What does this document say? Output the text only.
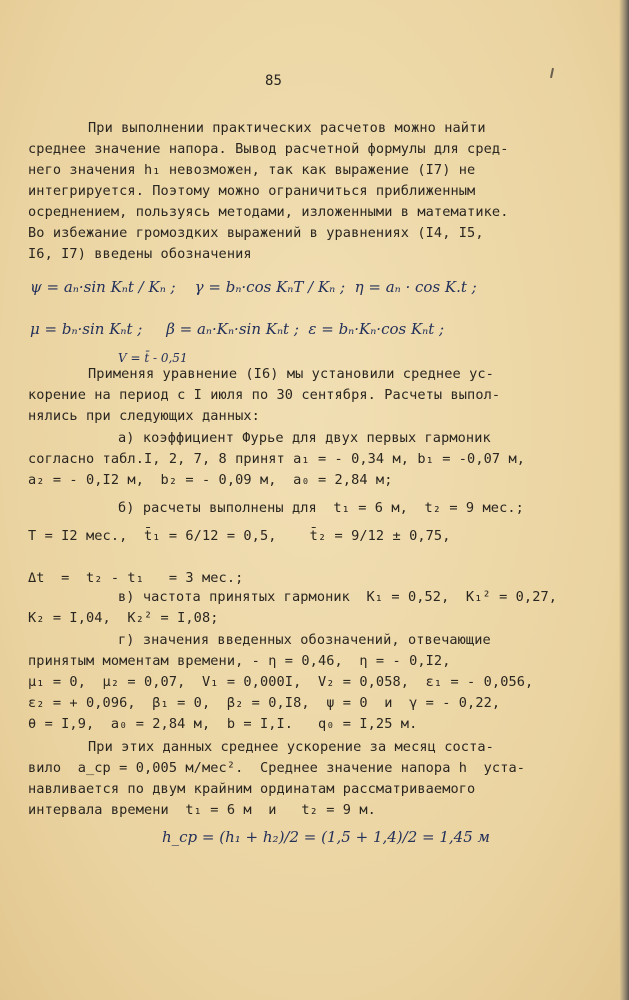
85
При выполнении практических расчетов можно найти
среднее значение напора. Вывод расчетной формулы для сред-
него значения h₁ невозможен, так как выражение (I7) не
интегрируется. Поэтому можно ограничиться приближенным
осреднением, пользуясь методами, изложенными в математике.
Во избежание громоздких выражений в уравнениях (I4, I5,
I6, I7) введены обозначения
ψ = aₙ·sin Kₙt / Kₙ ;    γ = bₙ·cos KₙT / Kₙ ;  η = aₙ · cos K.t ;
μ = bₙ·sin Kₙt ;     β = aₙ·Kₙ·sin Kₙt ;  ε = bₙ·Kₙ·cos Kₙt ;
V = t̄ - 0,51
Применяя уравнение (I6) мы установили среднее ус-
корение на период с I июля по 30 сентября. Расчеты выпол-
нялись при следующих данных:
а) коэффициент Фурье для двух первых гармоник
согласно табл.I, 2, 7, 8 принят a₁ = - 0,34 м, b₁ = -0,07 м,
a₂ = - 0,I2 м,  b₂ = - 0,09 м,  a₀ = 2,84 м;
б) расчеты выполнены для  t₁ = 6 м,  t₂ = 9 мес.;
T = I2 мес.,  t̄₁ = 6/12 = 0,5,    t̄₂ = 9/12 ± 0,75,
Δt  =  t₂ - t₁   = 3 мес.;
в) частота принятых гармоник  K₁ = 0,52,  K₁² = 0,27,
K₂ = I,04,  K₂² = I,08;
г) значения введенных обозначений, отвечающие
принятым моментам времени, - η = 0,46,  η = - 0,I2,
μ₁ = 0,  μ₂ = 0,07,  V₁ = 0,000I,  V₂ = 0,058,  ε₁ = - 0,056,
ε₂ = + 0,096,  β₁ = 0,  β₂ = 0,I8,  ψ = 0  и  γ = - 0,22,
θ = I,9,  a₀ = 2,84 м,  b = I,I.   q₀ = I,25 м.
При этих данных среднее ускорение за месяц соста-
вило  a_ср = 0,005 м/мес².  Среднее значение напора h  уста-
навливается по двум крайним ординатам рассматриваемого
интервала времени  t₁ = 6 м  и   t₂ = 9 м.
h_ср = (h₁ + h₂)/2 = (1,5 + 1,4)/2 = 1,45 м
